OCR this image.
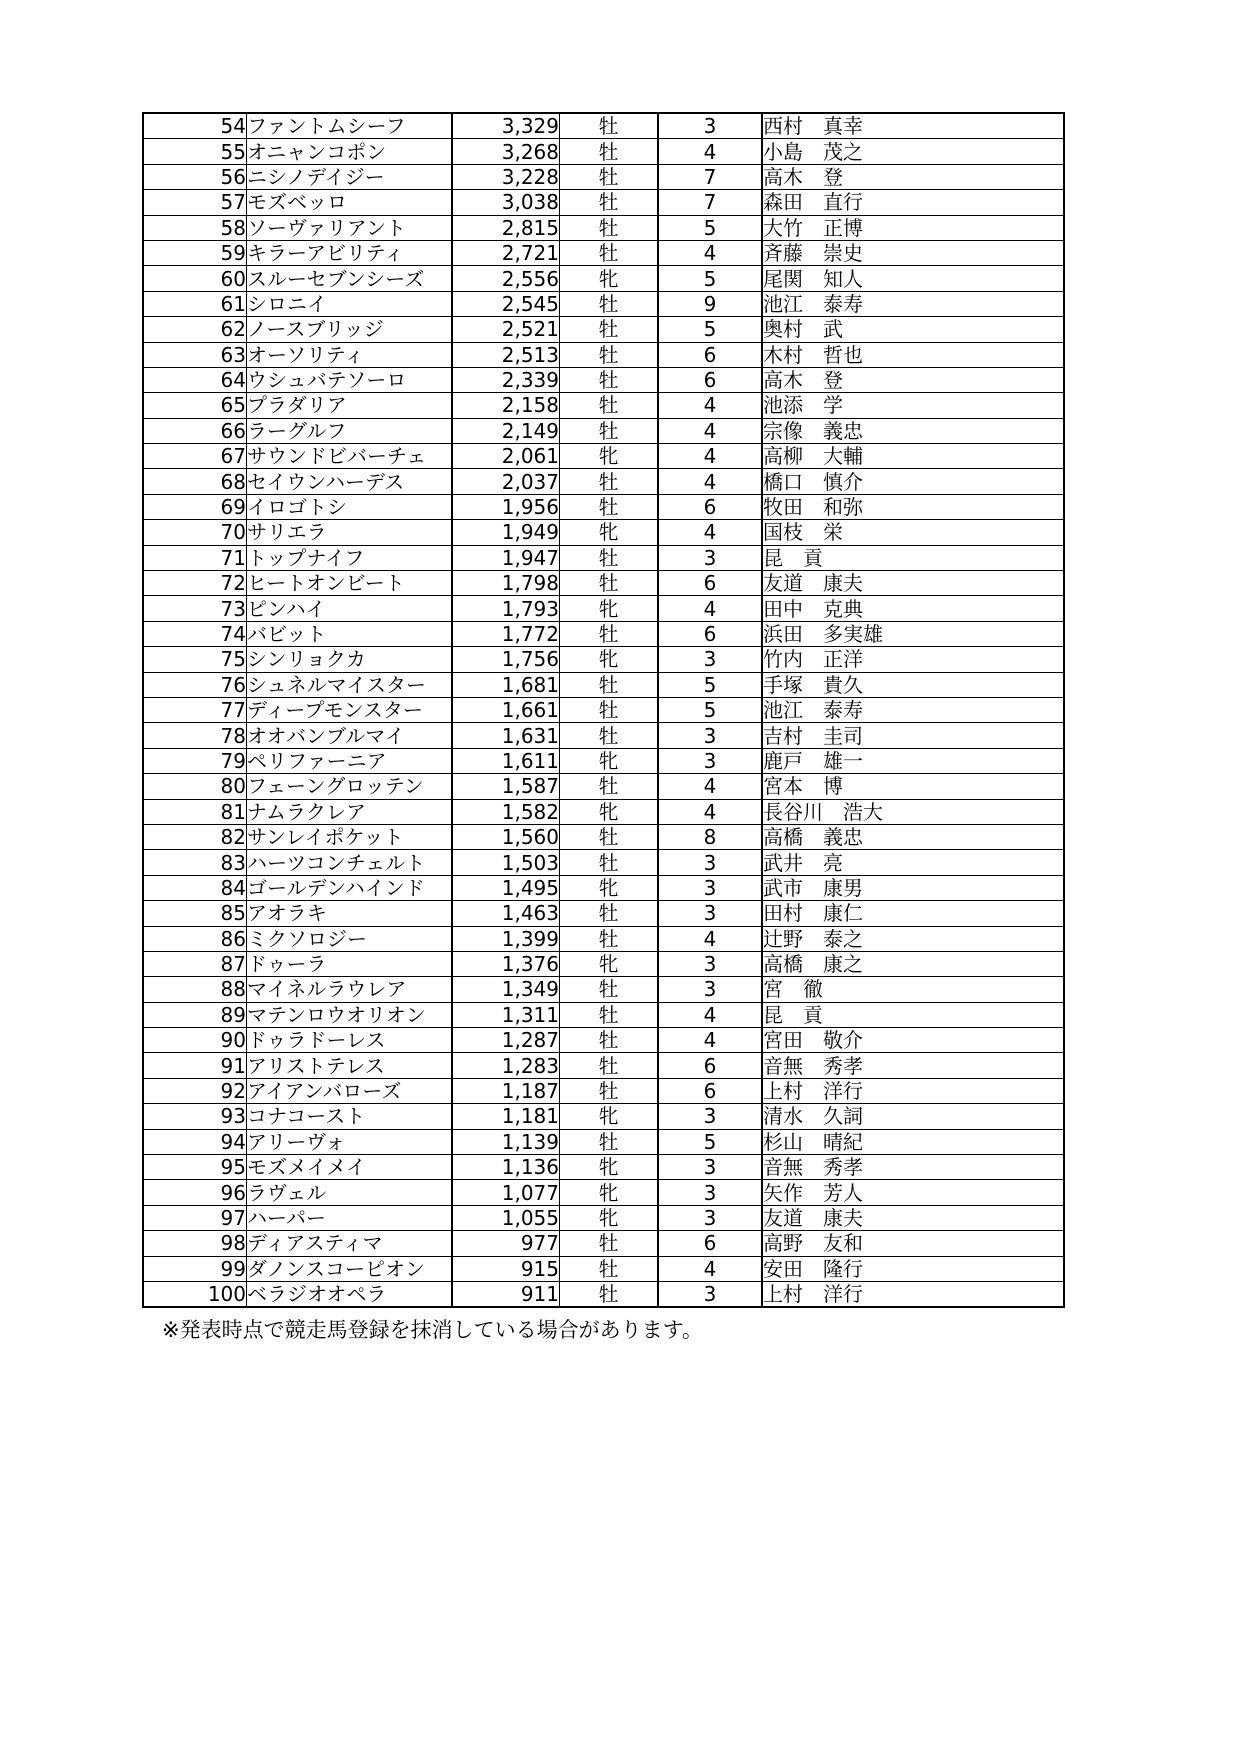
54	ファントムシーフ	3,329	牡	3	西村　真幸
55	オニャンコポン	3,268	牡	4	小島　茂之
56	ニシノデイジー	3,228	牡	7	高木　登
57	モズベッロ	3,038	牡	7	森田　直行
58	ソーヴァリアント	2,815	牡	5	大竹　正博
59	キラーアビリティ	2,721	牡	4	斉藤　崇史
60	スルーセブンシーズ	2,556	牝	5	尾関　知人
61	シロニイ	2,545	牡	9	池江　泰寿
62	ノースブリッジ	2,521	牡	5	奥村　武
63	オーソリティ	2,513	牡	6	木村　哲也
64	ウシュバテソーロ	2,339	牡	6	高木　登
65	プラダリア	2,158	牡	4	池添　学
66	ラーグルフ	2,149	牡	4	宗像　義忠
67	サウンドビバーチェ	2,061	牝	4	高柳　大輔
68	セイウンハーデス	2,037	牡	4	橋口　慎介
69	イロゴトシ	1,956	牡	6	牧田　和弥
70	サリエラ	1,949	牝	4	国枝　栄
71	トップナイフ	1,947	牡	3	昆　貢
72	ヒートオンビート	1,798	牡	6	友道　康夫
73	ピンハイ	1,793	牝	4	田中　克典
74	バビット	1,772	牡	6	浜田　多実雄
75	シンリョクカ	1,756	牝	3	竹内　正洋
76	シュネルマイスター	1,681	牡	5	手塚　貴久
77	ディープモンスター	1,661	牡	5	池江　泰寿
78	オオバンブルマイ	1,631	牡	3	吉村　圭司
79	ペリファーニア	1,611	牝	3	鹿戸　雄一
80	フェーングロッテン	1,587	牡	4	宮本　博
81	ナムラクレア	1,582	牝	4	長谷川　浩大
82	サンレイポケット	1,560	牡	8	高橋　義忠
83	ハーツコンチェルト	1,503	牡	3	武井　亮
84	ゴールデンハインド	1,495	牝	3	武市　康男
85	アオラキ	1,463	牡	3	田村　康仁
86	ミクソロジー	1,399	牡	4	辻野　泰之
87	ドゥーラ	1,376	牝	3	高橋　康之
88	マイネルラウレア	1,349	牡	3	宮　徹
89	マテンロウオリオン	1,311	牡	4	昆　貢
90	ドゥラドーレス	1,287	牡	4	宮田　敬介
91	アリストテレス	1,283	牡	6	音無　秀孝
92	アイアンバローズ	1,187	牡	6	上村　洋行
93	コナコースト	1,181	牝	3	清水　久詞
94	アリーヴォ	1,139	牡	5	杉山　晴紀
95	モズメイメイ	1,136	牝	3	音無　秀孝
96	ラヴェル	1,077	牝	3	矢作　芳人
97	ハーパー	1,055	牝	3	友道　康夫
98	ディアスティマ	977	牡	6	高野　友和
99	ダノンスコーピオン	915	牡	4	安田　隆行
100	ベラジオオペラ	911	牡	3	上村　洋行
※発表時点で競走馬登録を抹消している場合があります。
